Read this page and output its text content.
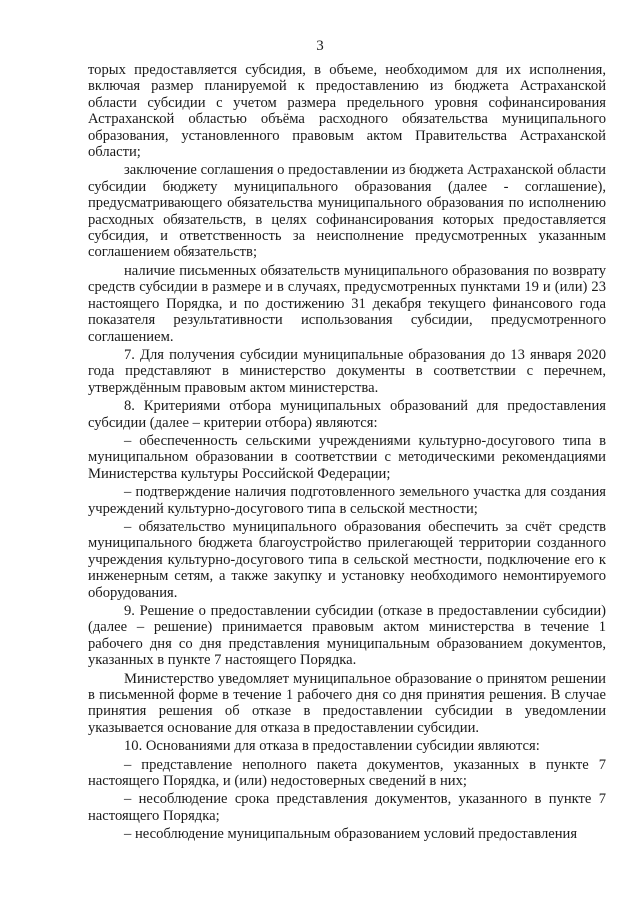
3

торых предоставляется субсидия, в объеме, необходимом для их исполнения, включая размер планируемой к предоставлению из бюджета Астраханской области субсидии с учетом размера предельного уровня софинансирования Астраханской областью объёма расходного обязательства муниципального образования, установленного правовым актом Правительства Астраханской области;

заключение соглашения о предоставлении из бюджета Астраханской области субсидии бюджету муниципального образования (далее - соглашение), предусматривающего обязательства муниципального образования по исполнению расходных обязательств, в целях софинансирования которых предоставляется субсидия, и ответственность за неисполнение предусмотренных указанным соглашением обязательств;

наличие письменных обязательств муниципального образования по возврату средств субсидии в размере и в случаях, предусмотренных пунктами 19 и (или) 23 настоящего Порядка, и по достижению 31 декабря текущего финансового года показателя результативности использования субсидии, предусмотренного соглашением.

7. Для получения субсидии муниципальные образования до 13 января 2020 года представляют в министерство документы в соответствии с перечнем, утверждённым правовым актом министерства.

8. Критериями отбора муниципальных образований для предоставления субсидии (далее – критерии отбора) являются:

– обеспеченность сельскими учреждениями культурно-досугового типа в муниципальном образовании в соответствии с методическими рекомендациями Министерства культуры Российской Федерации;

– подтверждение наличия подготовленного земельного участка для создания учреждений культурно-досугового типа в сельской местности;

– обязательство муниципального образования обеспечить за счёт средств муниципального бюджета благоустройство прилегающей территории созданного учреждения культурно-досугового типа в сельской местности, подключение его к инженерным сетям, а также закупку и установку необходимого немонтируемого оборудования.

9. Решение о предоставлении субсидии (отказе в предоставлении субсидии) (далее – решение) принимается правовым актом министерства в течение 1 рабочего дня со дня представления муниципальным образованием документов, указанных в пункте 7 настоящего Порядка.

Министерство уведомляет муниципальное образование о принятом решении в письменной форме в течение 1 рабочего дня со дня принятия решения. В случае принятия решения об отказе в предоставлении субсидии в уведомлении указывается основание для отказа в предоставлении субсидии.

10. Основаниями для отказа в предоставлении субсидии являются:

– представление неполного пакета документов, указанных в пункте 7 настоящего Порядка, и (или) недостоверных сведений в них;

– несоблюдение срока представления документов, указанного в пункте 7 настоящего Порядка;

– несоблюдение муниципальным образованием условий предоставления
